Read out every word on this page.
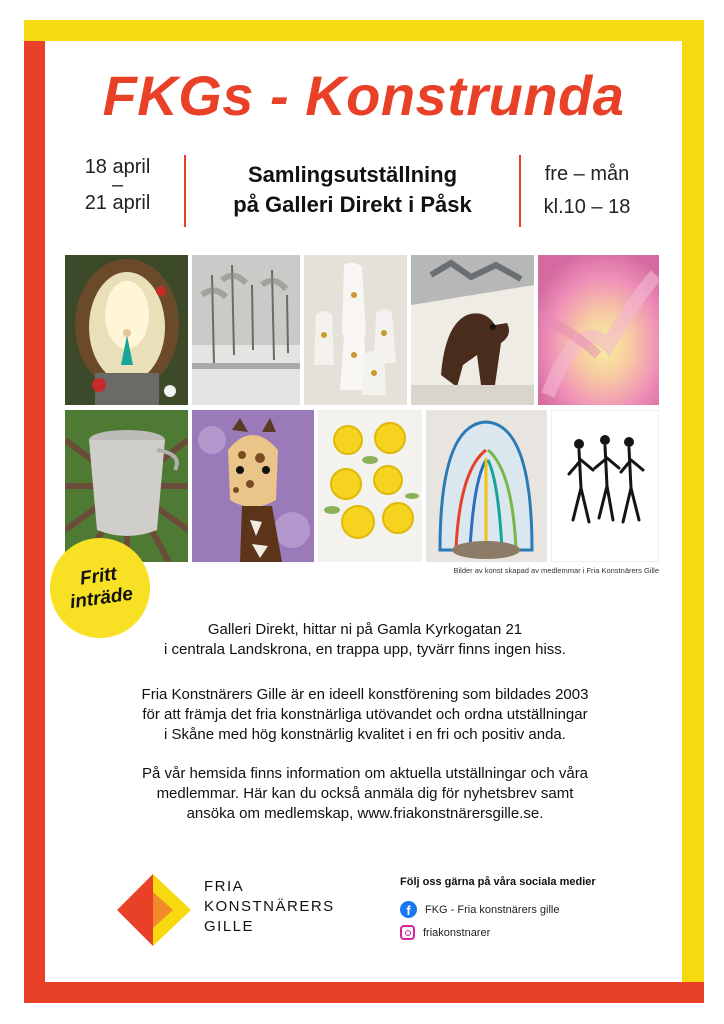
FKGs - Konstrunda
18 april
–
21 april
Samlingsutställning
på Galleri Direkt i Påsk
fre – mån
kl.10 – 18
Bilder av konst skapad av medlemmar i Fria Konstnärers Gille
Fritt
inträde
Galleri Direkt, hittar ni på Gamla Kyrkogatan 21
i centrala Landskrona, en trappa upp, tyvärr finns ingen hiss.
Fria Konstnärers Gille är en ideell konstförening som bildades 2003
för att främja det fria konstnärliga utövandet och ordna utställningar
i Skåne med hög konstnärlig kvalitet i en fri och positiv anda.
På vår hemsida finns information om aktuella utställningar och våra
medlemmar. Här kan du också anmäla dig för nyhetsbrev samt
ansöka om medlemskap, www.friakonstnärersgille.se.
FRIA
KONSTNÄRERS
GILLE
Följ oss gärna på våra sociala medier
f	FKG - Fria konstnärers gille
friakonstnarer
